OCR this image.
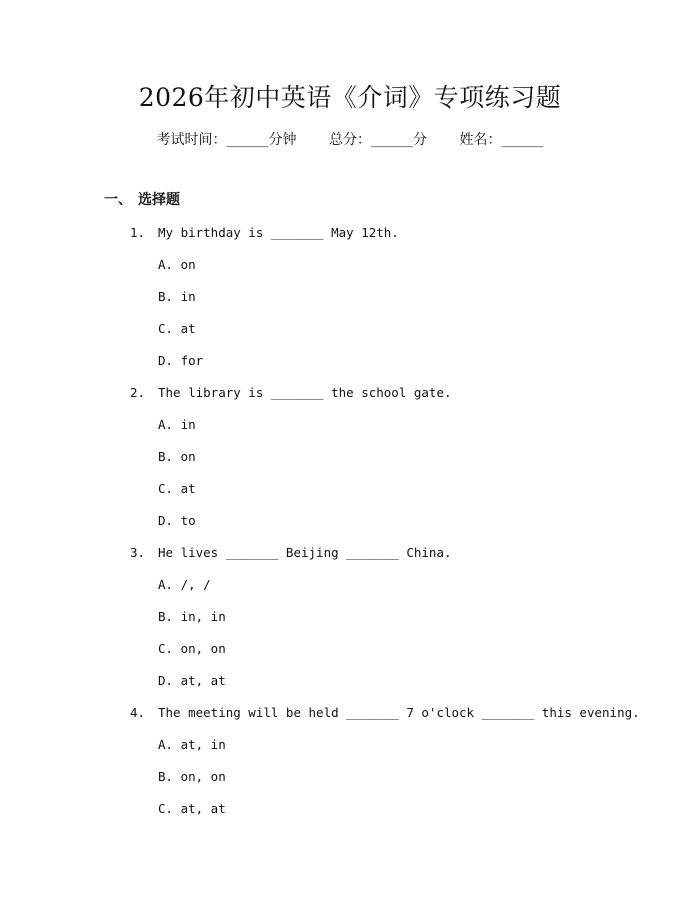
2026年初中英语《介词》专项练习题
考试时间：______分钟 总分：______分 姓名：______
一、 选择题
1. My birthday is _______ May 12th.
A. on
B. in
C. at
D. for
2. The library is _______ the school gate.
A. in
B. on
C. at
D. to
3. He lives _______ Beijing _______ China.
A. /, /
B. in, in
C. on, on
D. at, at
4. The meeting will be held _______ 7 o'clock _______ this evening.
A. at, in
B. on, on
C. at, at
